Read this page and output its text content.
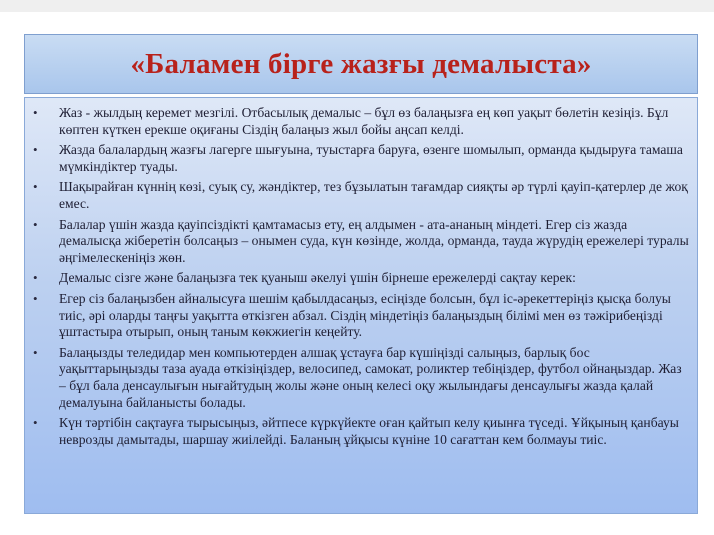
«Баламен бірге жазғы демалыста»
• Жаз - жылдың керемет мезгілі. Отбасылық демалыс – бұл өз балаңызға ең көп уақыт бөлетін кезіңіз. Бұл көптен күткен ерекше оқиғаны Сіздің балаңыз жыл бойы аңсап келді.
• Жазда балалардың жазғы лагерге шығуына, туыстарға баруға, өзенге шомылып, орманда қыдыруға тамаша мүмкіндіктер туады.
• Шақырайған күннің көзі, суық су, жәндіктер, тез бұзылатын тағамдар сияқты әр түрлі қауіп-қатерлер де жоқ емес.
• Балалар үшін жазда қауіпсіздікті қамтамасыз ету, ең алдымен - ата-ананың міндеті. Егер сіз жазда демалысқа жіберетін болсаңыз – онымен суда, күн көзінде, жолда, орманда, тауда жүрудің ережелері туралы әңгімелескеніңіз жөн.
• Демалыс сізге және балаңызға тек қуаныш әкелуі үшін бірнеше ережелерді сақтау керек:
• Егер сіз балаңызбен айналысуға шешім қабылдасаңыз, есіңізде болсын, бұл іс-әрекеттеріңіз қысқа болуы тиіс, әрі оларды таңғы уақытта өткізген абзал. Сіздің міндетіңіз балаңыздың білімі мен өз тәжірибеңізді ұштастыра отырып, оның таным көкжиегін кеңейту.
• Балаңызды теледидар мен компьютерден алшақ ұстауға бар күшіңізді салыңыз, барлық бос уақыттарыңызды таза ауада өткізіңіздер, велосипед, самокат, роликтер тебіңіздер, футбол ойнаңыздар. Жаз – бұл бала денсаулығын нығайтудың жолы және оның келесі оқу жылындағы денсаулығы жазда қалай демалуына байланысты болады.
• Күн тәртібін сақтауға тырысыңыз, әйтпесе күркүйекте оған қайтып келу қиынға түседі. Ұйқының қанбауы неврозды дамытады, шаршау жиілейді. Баланың ұйқысы күніне 10 сағаттан кем болмауы тиіс.
